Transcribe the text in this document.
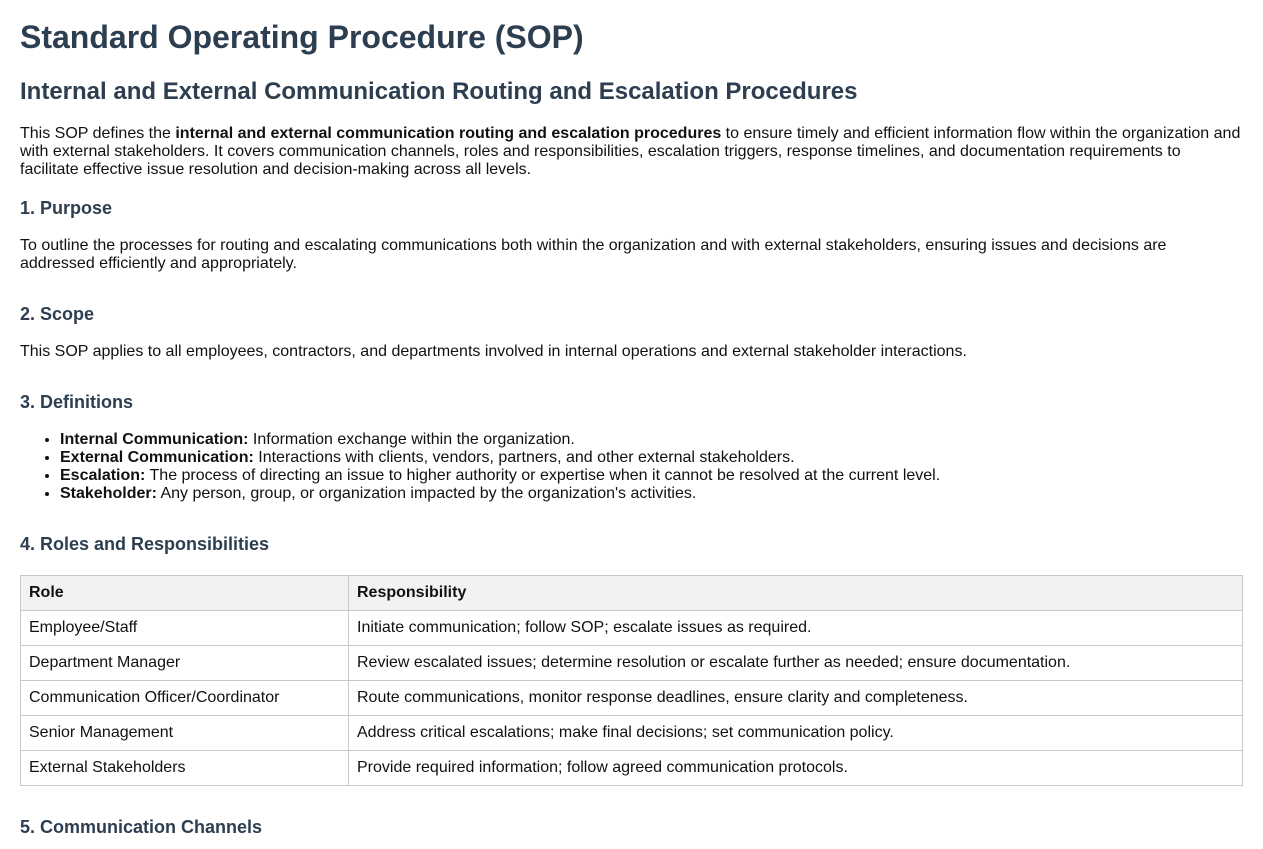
Standard Operating Procedure (SOP)
Internal and External Communication Routing and Escalation Procedures

This SOP defines the internal and external communication routing and escalation procedures to ensure timely and efficient information flow within the organization and with external stakeholders. It covers communication channels, roles and responsibilities, escalation triggers, response timelines, and documentation requirements to facilitate effective issue resolution and decision-making across all levels.

1. Purpose

To outline the processes for routing and escalating communications both within the organization and with external stakeholders, ensuring issues and decisions are addressed efficiently and appropriately.

2. Scope

This SOP applies to all employees, contractors, and departments involved in internal operations and external stakeholder interactions.

3. Definitions
• Internal Communication: Information exchange within the organization.
• External Communication: Interactions with clients, vendors, partners, and other external stakeholders.
• Escalation: The process of directing an issue to higher authority or expertise when it cannot be resolved at the current level.
• Stakeholder: Any person, group, or organization impacted by the organization's activities.
4. Roles and Responsibilities
Role	Responsibility
Employee/Staff	Initiate communication; follow SOP; escalate issues as required.
Department Manager	Review escalated issues; determine resolution or escalate further as needed; ensure documentation.
Communication Officer/Coordinator	Route communications, monitor response deadlines, ensure clarity and completeness.
Senior Management	Address critical escalations; make final decisions; set communication policy.
External Stakeholders	Provide required information; follow agreed communication protocols.
5. Communication Channels
